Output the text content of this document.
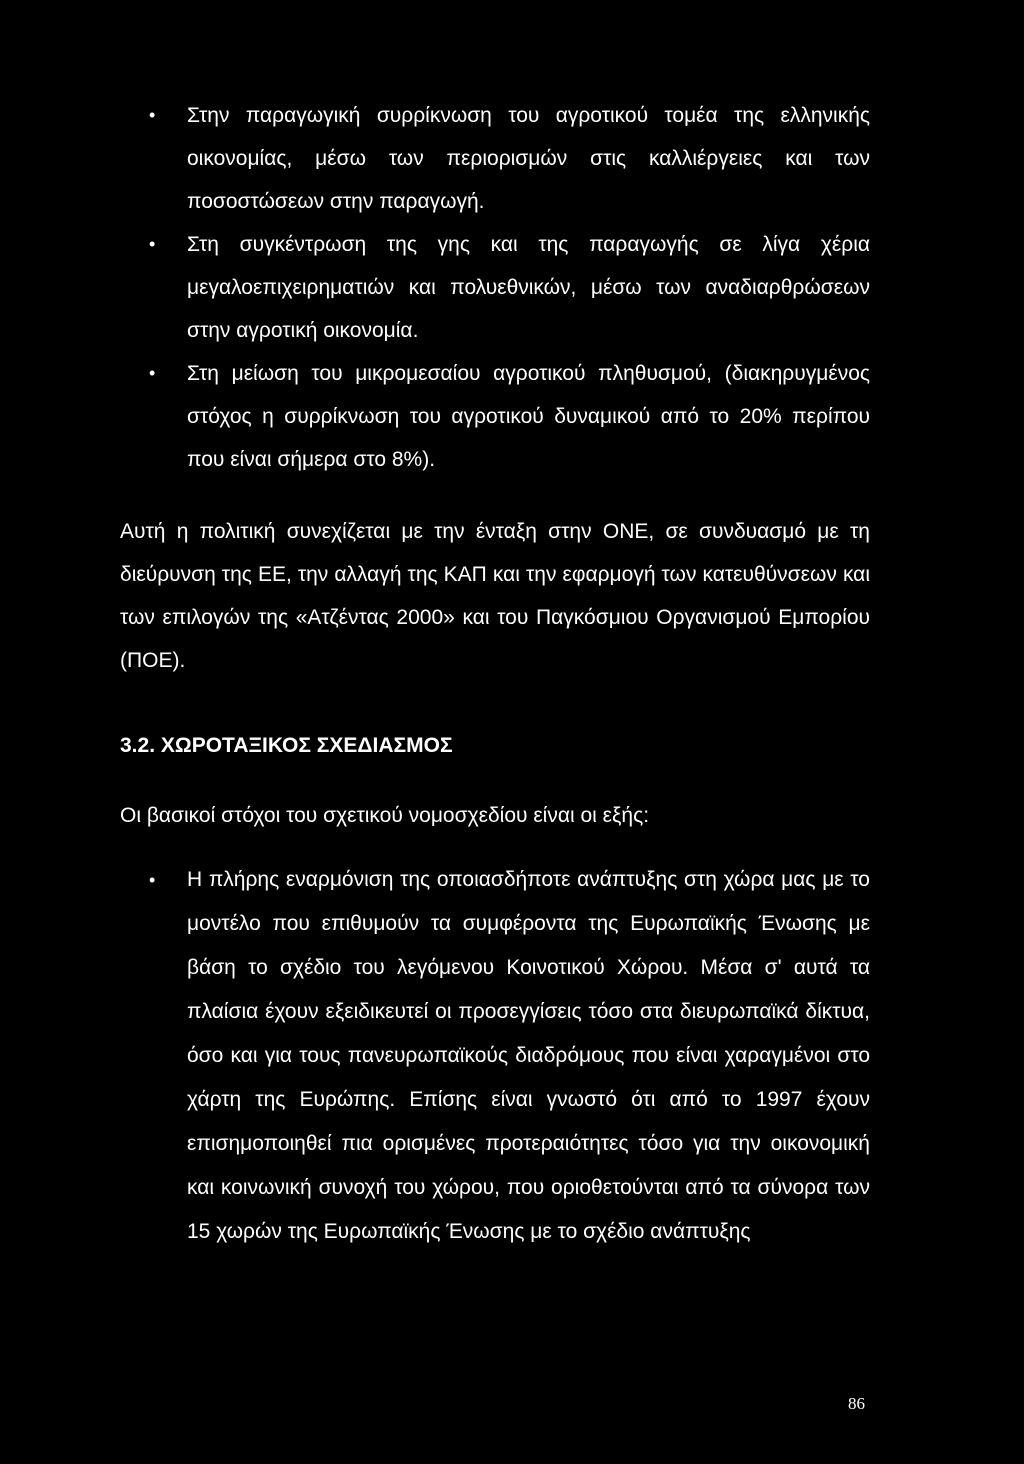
• Στην παραγωγική συρρίκνωση του αγροτικού τομέα της ελληνικής οικονομίας, μέσω των περιορισμών στις καλλιέργειες και των ποσοστώσεων στην παραγωγή.
• Στη συγκέντρωση της γης και της παραγωγής σε λίγα χέρια μεγαλοεπιχειρηματιών και πολυεθνικών, μέσω των αναδιαρθρώσεων στην αγροτική οικονομία.
• Στη μείωση του μικρομεσαίου αγροτικού πληθυσμού, (διακηρυγμένος στόχος η συρρίκνωση του αγροτικού δυναμικού από το 20% περίπου που είναι σήμερα στο 8%).

Αυτή η πολιτική συνεχίζεται με την ένταξη στην ΟΝΕ, σε συνδυασμό με τη διεύρυνση της ΕΕ, την αλλαγή της ΚΑΠ και την εφαρμογή των κατευθύνσεων και των επιλογών της «Ατζέντας 2000» και του Παγκόσμιου Οργανισμού Εμπορίου (ΠΟΕ).

3.2. ΧΩΡΟΤΑΞΙΚΟΣ ΣΧΕΔΙΑΣΜΟΣ

Οι βασικοί στόχοι του σχετικού νομοσχεδίου είναι οι εξής:

• Η πλήρης εναρμόνιση της οποιασδήποτε ανάπτυξης στη χώρα μας με το μοντέλο που επιθυμούν τα συμφέροντα της Ευρωπαϊκής Ένωσης με βάση το σχέδιο του λεγόμενου Κοινοτικού Χώρου. Μέσα σ' αυτά τα πλαίσια έχουν εξειδικευτεί οι προσεγγίσεις τόσο στα διευρωπαϊκά δίκτυα, όσο και για τους πανευρωπαϊκούς διαδρόμους που είναι χαραγμένοι στο χάρτη της Ευρώπης. Επίσης είναι γνωστό ότι από το 1997 έχουν επισημοποιηθεί πια ορισμένες προτεραιότητες τόσο για την οικονομική και κοινωνική συνοχή του χώρου, που οριοθετούνται από τα σύνορα των 15 χωρών της Ευρωπαϊκής Ένωσης με το σχέδιο ανάπτυξης
86
